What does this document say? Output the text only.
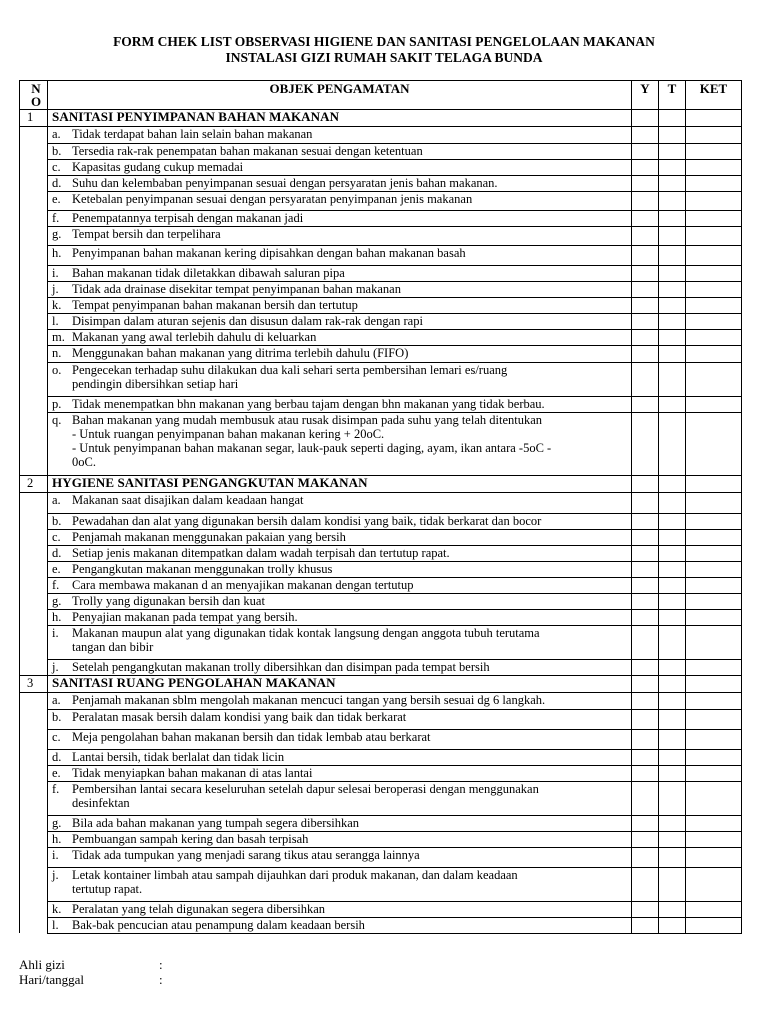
FORM CHEK LIST OBSERVASI HIGIENE DAN SANITASI PENGELOLAAN MAKANAN
INSTALASI GIZI RUMAH SAKIT TELAGA BUNDA
N
O	OBJEK PENGAMATAN	Y	T	KET
1	SANITASI PENYIMPANAN BAHAN MAKANAN			

	a. Tidak terdapat bahan lain selain bahan makanan			

	b. Tersedia rak-rak penempatan bahan makanan sesuai dengan ketentuan			

	c. Kapasitas gudang cukup memadai			

	d. Suhu dan kelembaban penyimpanan sesuai dengan persyaratan jenis bahan makanan.			

	e. Ketebalan penyimpanan sesuai dengan persyaratan penyimpanan jenis makanan			

	f. Penempatannya terpisah dengan makanan jadi			

	g. Tempat bersih dan terpelihara			

	h. Penyimpanan bahan makanan kering dipisahkan dengan bahan makanan basah			

	i. Bahan makanan tidak diletakkan dibawah saluran pipa			

	j. Tidak ada drainase disekitar tempat penyimpanan bahan makanan			

	k. Tempat penyimpanan bahan makanan bersih dan tertutup			

	l. Disimpan dalam aturan sejenis dan disusun dalam rak-rak dengan rapi			

	m. Makanan yang awal terlebih dahulu di keluarkan			

	n. Menggunakan bahan makanan yang ditrima terlebih dahulu (FIFO)			

	o. Pengecekan terhadap suhu dilakukan dua kali sehari serta pembersihan lemari es/ruang
pendingin dibersihkan setiap hari			

	p. Tidak menempatkan bhn makanan yang berbau tajam dengan bhn makanan yang tidak berbau.			

	q. Bahan makanan yang mudah membusuk atau rusak disimpan pada suhu yang telah ditentukan
- Untuk ruangan penyimpanan bahan makanan kering + 20oC.
- Untuk penyimpanan bahan makanan segar, lauk-pauk seperti daging, ayam, ikan antara -5oC -
0oC.			

2	HYGIENE SANITASI PENGANGKUTAN MAKANAN			

	a. Makanan saat disajikan dalam keadaan hangat			

	b. Pewadahan dan alat yang digunakan bersih dalam kondisi yang baik, tidak berkarat dan bocor			

	c. Penjamah makanan menggunakan pakaian yang bersih			

	d. Setiap jenis makanan ditempatkan dalam wadah terpisah dan tertutup rapat.			

	e. Pengangkutan makanan menggunakan trolly khusus			

	f. Cara membawa makanan d an menyajikan makanan dengan tertutup			

	g. Trolly yang digunakan bersih dan kuat			

	h. Penyajian makanan pada tempat yang bersih.			

	i. Makanan maupun alat yang digunakan tidak kontak langsung dengan anggota tubuh terutama
tangan dan bibir			

	j. Setelah pengangkutan makanan trolly dibersihkan dan disimpan pada tempat bersih			

3	SANITASI RUANG PENGOLAHAN MAKANAN			

	a. Penjamah makanan sblm mengolah makanan mencuci tangan yang bersih sesuai dg 6 langkah.			

	b. Peralatan masak bersih dalam kondisi yang baik dan tidak berkarat			

	c. Meja pengolahan bahan makanan bersih dan tidak lembab atau berkarat			

	d. Lantai bersih, tidak berlalat dan tidak licin			

	e. Tidak menyiapkan bahan makanan di atas lantai			

	f. Pembersihan lantai secara keseluruhan setelah dapur selesai beroperasi dengan menggunakan
desinfektan			

	g. Bila ada bahan makanan yang tumpah segera dibersihkan			

	h. Pembuangan sampah kering dan basah terpisah			

	i. Tidak ada tumpukan yang menjadi sarang tikus atau serangga lainnya			

	j. Letak kontainer limbah atau sampah dijauhkan dari produk makanan, dan dalam keadaan
tertutup rapat.			

	k. Peralatan yang telah digunakan segera dibersihkan			

	l. Bak-bak pencucian atau penampung dalam keadaan bersih			

Ahli gizi	:
Hari/tanggal	:
